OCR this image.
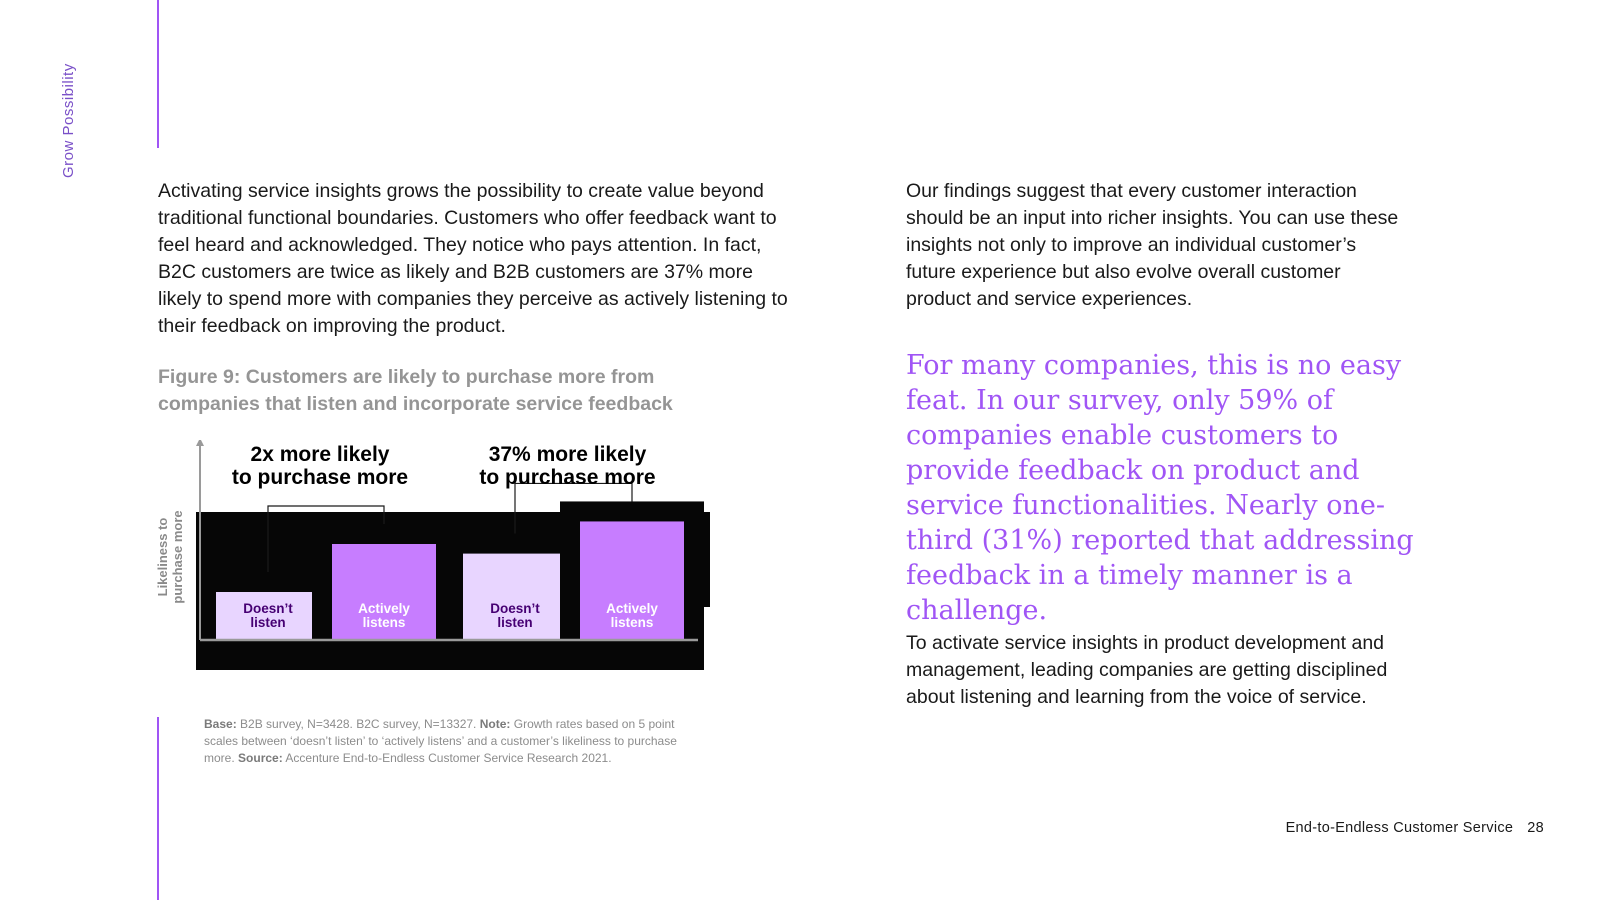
Grow Possibility

Activating service insights grows the possibility to create value beyond traditional functional boundaries. Customers who offer feedback want to feel heard and acknowledged. They notice who pays attention. In fact, B2C customers are twice as likely and B2B customers are 37% more likely to spend more with companies they perceive as actively listening to their feedback on improving the product.

Figure 9: Customers are likely to purchase more from companies that listen and incorporate service feedback
Doesn’t listen
Actively listens
Doesn’t listen
Actively listens
Likeliness topurchase more
2x more likely to purchase more
37% more likely to purchase more
Base: B2B survey, N=3428. B2C survey, N=13327. Note: Growth rates based on 5 point scales between ‘doesn’t listen’ to ‘actively listens’ and a customer’s likeliness to purchase more. Source: Accenture End-to-Endless Customer Service Research 2021.

Our findings suggest that every customer interaction should be an input into richer insights. You can use these insights not only to improve an individual customer’s future experience but also evolve overall customer product and service experiences.

For many companies, this is no easy feat. In our survey, only 59% of companies enable customers to provide feedback on product and service functionalities. Nearly one-third (31%) reported that addressing feedback in a timely manner is a challenge.

To activate service insights in product development and management, leading companies are getting disciplined about listening and learning from the voice of service.

End-to-Endless Customer Service 28
